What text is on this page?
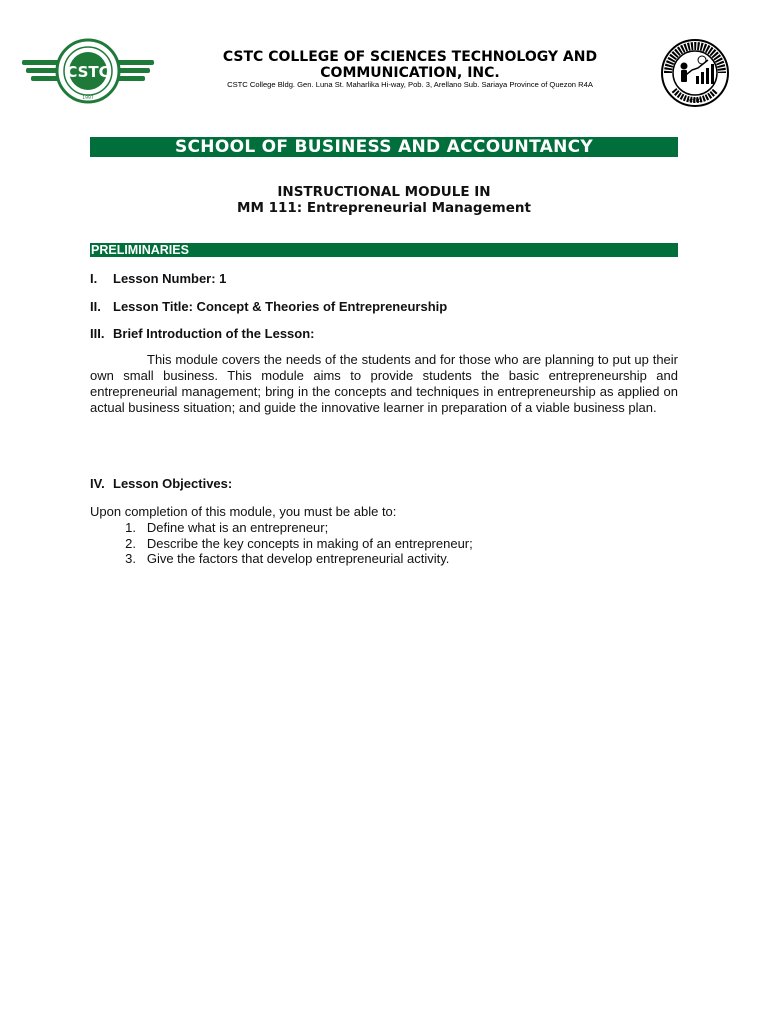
CSTC
1997
CSTC COLLEGE OF SCIENCES TECHNOLOGY AND
COMMUNICATION, INC.
CSTC College Bldg. Gen. Luna St. Maharlika Hi-way, Pob. 3, Arellano Sub. Sariaya Province of Quezon R4A
CSTC
SCHOOL OF BUSINESS AND ACCOUNTANCY
INSTRUCTIONAL MODULE IN
MM 111: Entrepreneurial Management
PRELIMINARIES
I. Lesson Number: 1
II. Lesson Title: Concept & Theories of Entrepreneurship
III. Brief Introduction of the Lesson:
This module covers the needs of the students and for those who are planning to put up their own small business. This module aims to provide students the basic entrepreneurship and entrepreneurial management; bring in the concepts and techniques in entrepreneurship as applied on actual business situation; and guide the innovative learner in preparation of a viable business plan.
IV. Lesson Objectives:
Upon completion of this module, you must be able to:
1. Define what is an entrepreneur;
2. Describe the key concepts in making of an entrepreneur;
3. Give the factors that develop entrepreneurial activity.
